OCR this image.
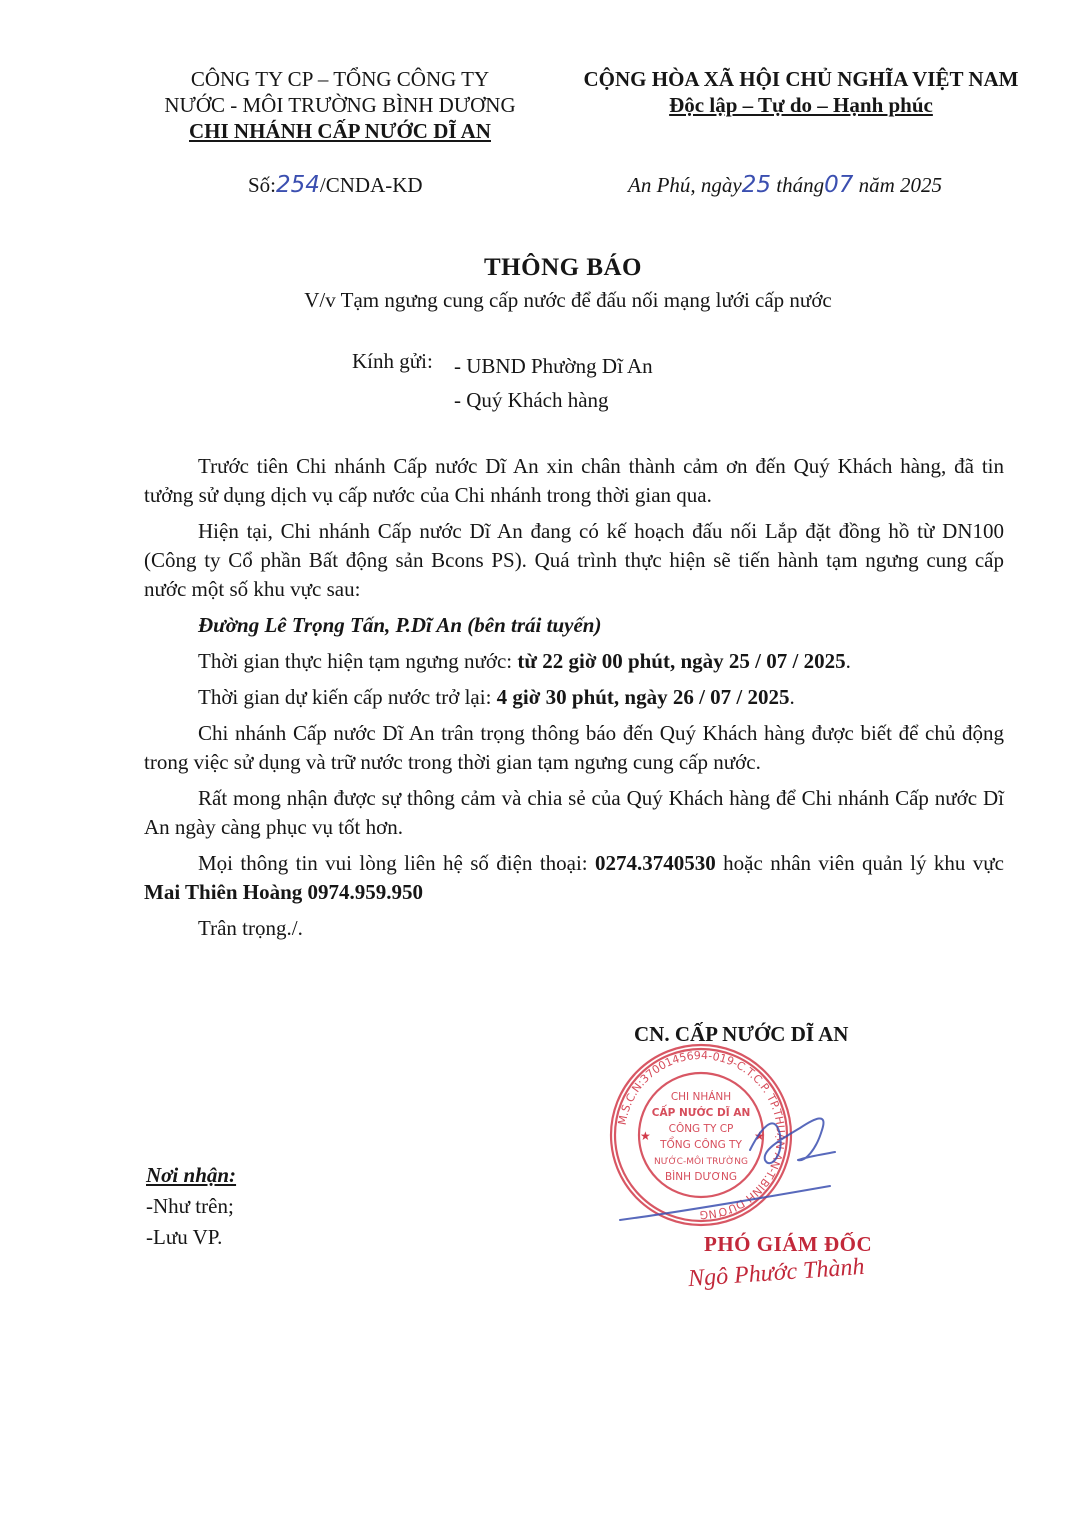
CÔNG TY CP – TỔNG CÔNG TY
NƯỚC - MÔI TRƯỜNG BÌNH DƯƠNG
CHI NHÁNH CẤP NƯỚC DĨ AN
CỘNG HÒA XÃ HỘI CHỦ NGHĨA VIỆT NAM
Độc lập – Tự do – Hạnh phúc
Số:254/CNDA-KD	An Phú, ngày25 tháng07 năm 2025
THÔNG BÁO
V/v Tạm ngưng cung cấp nước để đấu nối mạng lưới cấp nước
Kính gửi: - UBND Phường Dĩ An
- Quý Khách hàng

Trước tiên Chi nhánh Cấp nước Dĩ An xin chân thành cảm ơn đến Quý Khách hàng, đã tin tưởng sử dụng dịch vụ cấp nước của Chi nhánh trong thời gian qua.

Hiện tại, Chi nhánh Cấp nước Dĩ An đang có kế hoạch đấu nối Lắp đặt đồng hồ từ DN100 (Công ty Cổ phần Bất động sản Bcons PS). Quá trình thực hiện sẽ tiến hành tạm ngưng cung cấp nước một số khu vực sau:

Đường Lê Trọng Tấn, P.Dĩ An (bên trái tuyến)

Thời gian thực hiện tạm ngưng nước: từ 22 giờ 00 phút, ngày 25 / 07 / 2025.

Thời gian dự kiến cấp nước trở lại: 4 giờ 30 phút, ngày 26 / 07 / 2025.

Chi nhánh Cấp nước Dĩ An trân trọng thông báo đến Quý Khách hàng được biết để chủ động trong việc sử dụng và trữ nước trong thời gian tạm ngưng cung cấp nước.

Rất mong nhận được sự thông cảm và chia sẻ của Quý Khách hàng để Chi nhánh Cấp nước Dĩ An ngày càng phục vụ tốt hơn.

Mọi thông tin vui lòng liên hệ số điện thoại: 0274.3740530 hoặc nhân viên quản lý khu vực Mai Thiên Hoàng 0974.959.950

Trân trọng./.

CN. CẤP NƯỚC DĨ AN
M.S.C.N:3700145694-019-C.T.C.P. TP.THUẬN AN-T.BÌNH DƯƠNG
CHI NHÁNH
CẤP NƯỚC DĨ AN
CÔNG TY CP
TỔNG CÔNG TY
NƯỚC-MÔI TRƯỜNG
BÌNH DƯƠNG
★	★
PHÓ GIÁM ĐỐC
Ngô Phước Thành
Nơi nhận:
-Như trên;
-Lưu VP.
